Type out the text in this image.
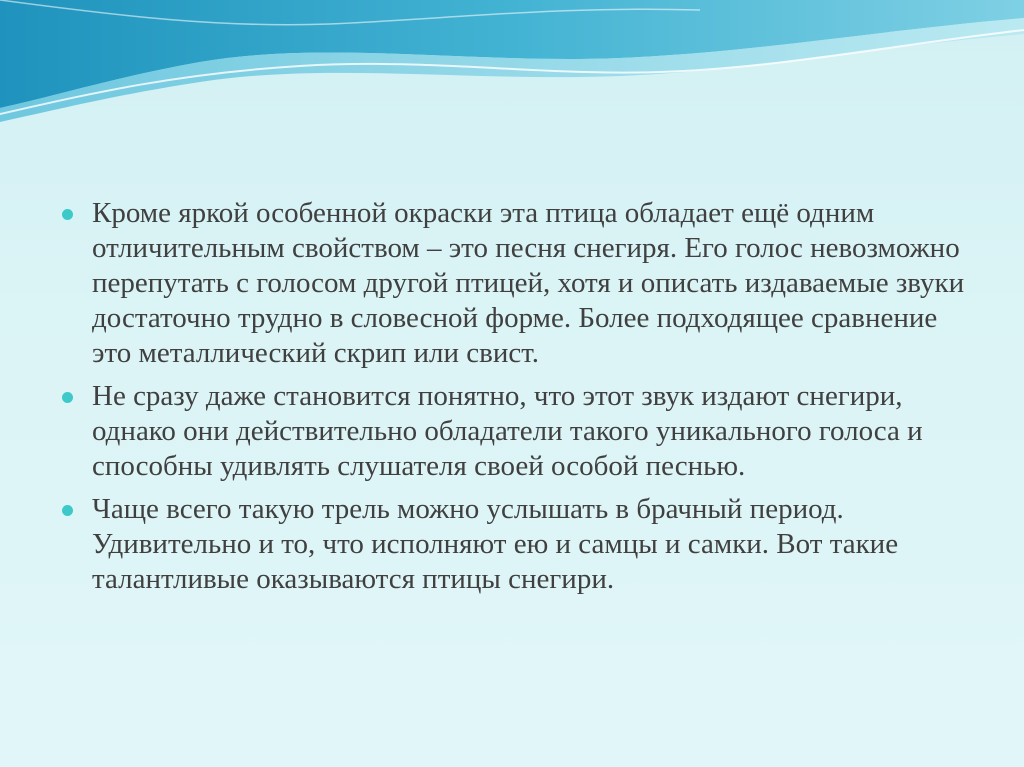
Кроме яркой особенной окраски эта птица обладает ещё одним отличительным свойством – это песня снегиря. Его голос невозможно перепутать с голосом другой птицей, хотя и описать издаваемые звуки достаточно трудно в словесной форме. Более подходящее сравнение это металлический скрип или свист.
Не сразу даже становится понятно, что этот звук издают снегири, однако они действительно обладатели такого уникального голоса и способны удивлять слушателя своей особой песнью.
Чаще всего такую трель можно услышать в брачный период. Удивительно и то, что исполняют ею и самцы и самки. Вот такие талантливые оказываются птицы снегири.
